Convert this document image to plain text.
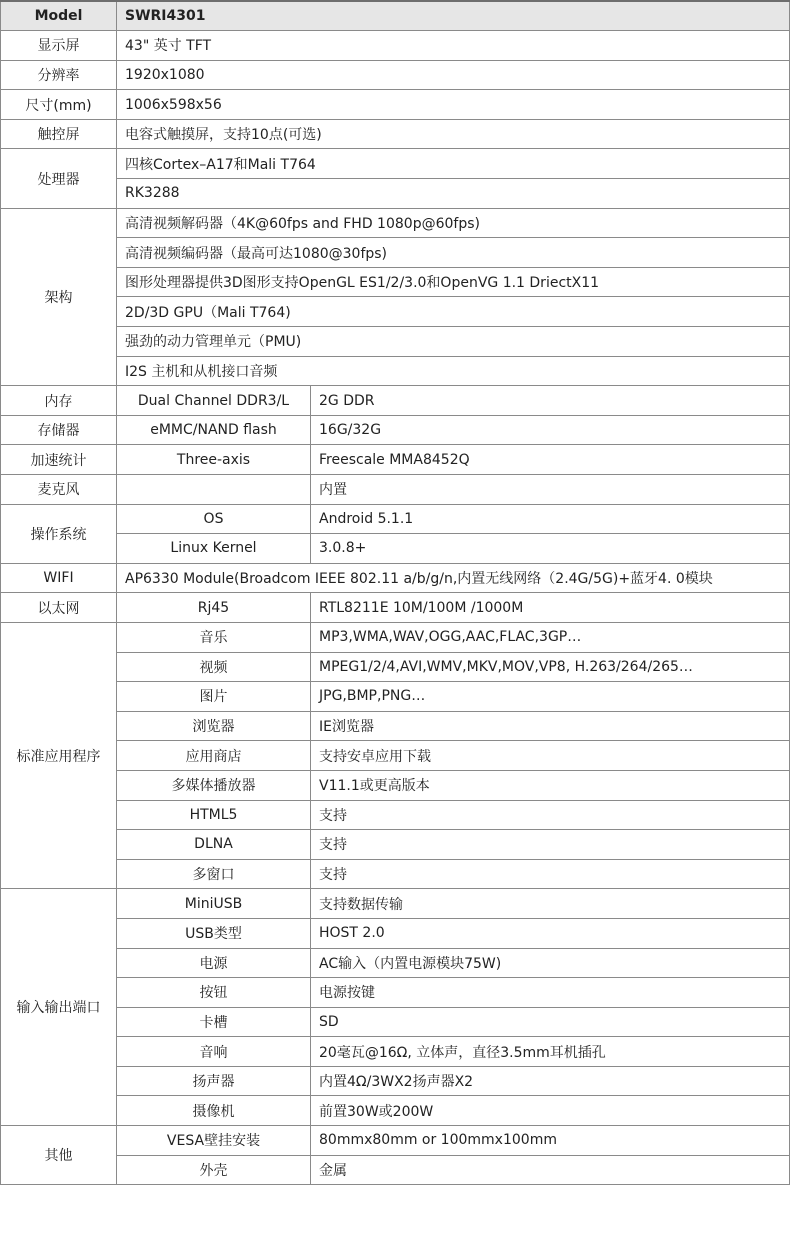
Model	SWRI4301	
显示屏	43" 英寸 TFT	
分辨率	1920x1080	
尺寸(mm)	1006x598x56	
触控屏	电容式触摸屏，支持10点(可选)	
处理器	四核Cortex–A17和Mali T764	
	RK3288	
架构	高清视频解码器（4K@60fps and FHD 1080p@60fps)	
	高清视频编码器（最高可达1080@30fps)	
	图形处理器提供3D图形支持OpenGL ES1/2/3.0和OpenVG 1.1 DriectX11	
	2D/3D GPU（Mali T764)	
	强劲的动力管理单元（PMU)	
	I2S 主机和从机接口音频	
内存	Dual Channel DDR3/L	2G DDR
存储器	eMMC/NAND flash	16G/32G
加速统计	Three-axis	Freescale MMA8452Q
麦克风		内置
操作系统	OS	Android 5.1.1
	Linux Kernel	3.0.8+
WIFI	AP6330 Module(Broadcom IEEE 802.11 a/b/g/n,内置无线网络（2.4G/5G)+蓝牙4. 0模块	
以太网	Rj45	RTL8211E 10M/100M /1000M
标准应用程序	音乐	MP3,WMA,WAV,OGG,AAC,FLAC,3GP…
	视频	MPEG1/2/4,AVI,WMV,MKV,MOV,VP8, H.263/264/265…
	图片	JPG,BMP,PNG…
	浏览器	IE浏览器
	应用商店	支持安卓应用下载
	多媒体播放器	V11.1或更高版本
	HTML5	支持
	DLNA	支持
	多窗口	支持
输入输出端口	MiniUSB	支持数据传输
	USB类型	HOST 2.0
	电源	AC输入（内置电源模块75W)
	按钮	电源按键
	卡槽	SD
	音响	20毫瓦@16Ω, 立体声，直径3.5mm耳机插孔
	扬声器	内置4Ω/3WX2扬声器X2
	摄像机	前置30W或200W
其他	VESA壁挂安装	80mmx80mm or 100mmx100mm
	外壳	金属
